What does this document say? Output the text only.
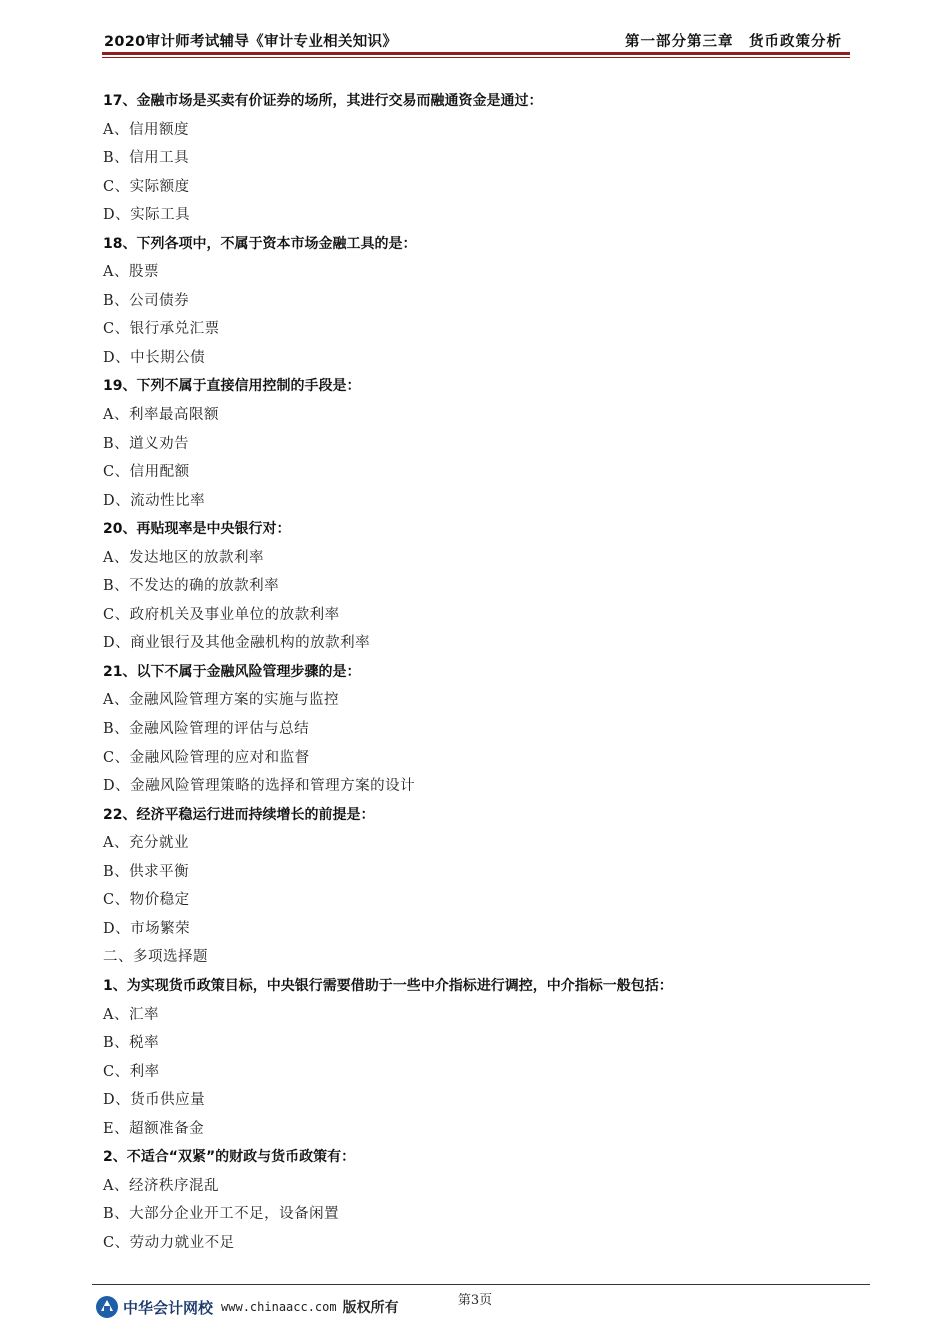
2020审计师考试辅导《审计专业相关知识》	第一部分第三章　货币政策分析
17、金融市场是买卖有价证券的场所，其进行交易而融通资金是通过：
A、信用额度
B、信用工具
C、实际额度
D、实际工具
18、下列各项中，不属于资本市场金融工具的是：
A、股票
B、公司债券
C、银行承兑汇票
D、中长期公债
19、下列不属于直接信用控制的手段是：
A、利率最高限额
B、道义劝告
C、信用配额
D、流动性比率
20、再贴现率是中央银行对：
A、发达地区的放款利率
B、不发达的确的放款利率
C、政府机关及事业单位的放款利率
D、商业银行及其他金融机构的放款利率
21、以下不属于金融风险管理步骤的是：
A、金融风险管理方案的实施与监控
B、金融风险管理的评估与总结
C、金融风险管理的应对和监督
D、金融风险管理策略的选择和管理方案的设计
22、经济平稳运行进而持续增长的前提是：
A、充分就业
B、供求平衡
C、物价稳定
D、市场繁荣
二、多项选择题
1、为实现货币政策目标，中央银行需要借助于一些中介指标进行调控，中介指标一般包括：
A、汇率
B、税率
C、利率
D、货币供应量
E、超额准备金
2、不适合“双紧”的财政与货币政策有：
A、经济秩序混乱
B、大部分企业开工不足，设备闲置
C、劳动力就业不足
第3页
中华会计网校 www.chinaacc.com 版权所有
